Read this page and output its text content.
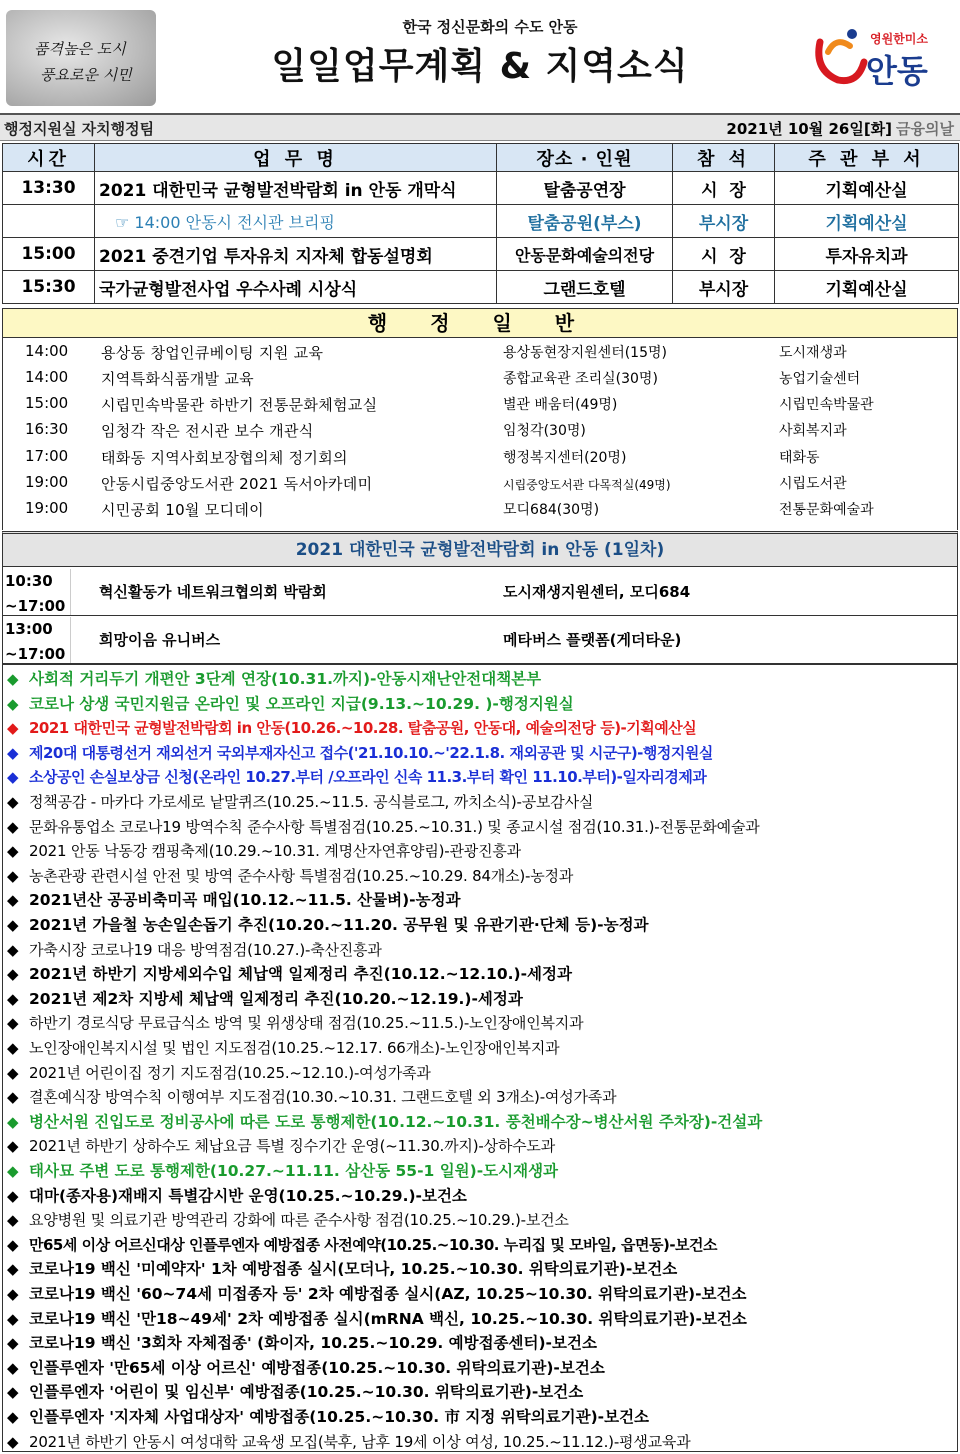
품격높은 도시
풍요로운 시민
한국 정신문화의 수도 안동
일일업무계획 & 지역소식
영원한미소
안동
행정지원실 자치행정팀	2021년 10월 26일[화] 금융의날
시간	업 무 명	장소 · 인원	참 석	주 관 부 서
13:30	2021 대한민국 균형발전박람회 in 안동 개막식	탈춤공연장	시  장	기획예산실
	☞ 14:00 안동시 전시관 브리핑	탈춤공원(부스)	부시장	기획예산실
15:00	2021 중견기업 투자유치 지자체 합동설명회	안동문화예술의전당	시  장	투자유치과
15:30	국가균형발전사업 우수사례 시상식	그랜드호텔	부시장	기획예산실
행 정 일 반
14:00 용상동 창업인큐베이팅 지원 교육	용상동현장지원센터(15명)	도시재생과
14:00 지역특화식품개발 교육	종합교육관 조리실(30명)	농업기술센터
15:00 시립민속박물관 하반기 전통문화체험교실	별관 배움터(49명)	시립민속박물관
16:30 임청각 작은 전시관 보수 개관식	임청각(30명)	사회복지과
17:00 태화동 지역사회보장협의체 정기회의	행정복지센터(20명)	태화동
19:00 안동시립중앙도서관 2021 독서아카데미	시립중앙도서관 다목적실(49명)	시립도서관
19:00 시민공회 10월 모디데이	모디684(30명)	전통문화예술과
2021 대한민국 균형발전박람회 in 안동 (1일차)
10:30
~17:00
혁신활동가 네트워크협의회 박람회	도시재생지원센터, 모디684
13:00
~17:00
희망이음 유니버스	메타버스 플랫폼(게더타운)
◆ 사회적 거리두기 개편안 3단계 연장(10.31.까지)-안동시재난안전대책본부
◆ 코로나 상생 국민지원금 온라인 및 오프라인 지급(9.13.~10.29. )-행정지원실
◆ 2021 대한민국 균형발전박람회 in 안동(10.26.~10.28. 탈춤공원, 안동대, 예술의전당 등)-기획예산실
◆ 제20대 대통령선거 재외선거 국외부재자신고 접수('21.10.10.~'22.1.8. 재외공관 및 시군구)-행정지원실
◆ 소상공인 손실보상금 신청(온라인 10.27.부터 /오프라인 신속 11.3.부터 확인 11.10.부터)-일자리경제과
◆ 정책공감 - 마카다 가로세로 낱말퀴즈(10.25.~11.5. 공식블로그, 까치소식)-공보감사실
◆ 문화유통업소 코로나19 방역수칙 준수사항 특별점검(10.25.~10.31.) 및 종교시설 점검(10.31.)-전통문화예술과
◆ 2021 안동 낙동강 캠핑축제(10.29.~10.31. 계명산자연휴양림)-관광진흥과
◆ 농촌관광 관련시설 안전 및 방역 준수사항 특별점검(10.25.~10.29. 84개소)-농정과
◆ 2021년산 공공비축미곡 매입(10.12.~11.5. 산물벼)-농정과
◆ 2021년 가을철 농손일손돕기 추진(10.20.~11.20. 공무원 및 유관기관·단체 등)-농정과
◆ 가축시장 코로나19 대응 방역점검(10.27.)-축산진흥과
◆ 2021년 하반기 지방세외수입 체납액 일제정리 추진(10.12.~12.10.)-세정과
◆ 2021년 제2차 지방세 체납액 일제정리 추진(10.20.~12.19.)-세정과
◆ 하반기 경로식당 무료급식소 방역 및 위생상태 점검(10.25.~11.5.)-노인장애인복지과
◆ 노인장애인복지시설 및 법인 지도점검(10.25.~12.17. 66개소)-노인장애인복지과
◆ 2021년 어린이집 정기 지도점검(10.25.~12.10.)-여성가족과
◆ 결혼예식장 방역수칙 이행여부 지도점검(10.30.~10.31. 그랜드호텔 외 3개소)-여성가족과
◆ 병산서원 진입도로 정비공사에 따른 도로 통행제한(10.12.~10.31. 풍천배수장~병산서원 주차장)-건설과
◆ 2021년 하반기 상하수도 체납요금 특별 징수기간 운영(~11.30.까지)-상하수도과
◆ 태사묘 주변 도로 통행제한(10.27.~11.11. 삼산동 55-1 일원)-도시재생과
◆ 대마(종자용)재배지 특별감시반 운영(10.25.~10.29.)-보건소
◆ 요양병원 및 의료기관 방역관리 강화에 따른 준수사항 점검(10.25.~10.29.)-보건소
◆ 만65세 이상 어르신대상 인플루엔자 예방접종 사전예약(10.25.~10.30. 누리집 및 모바일, 읍면동)-보건소
◆ 코로나19 백신 '미예약자' 1차 예방접종 실시(모더나, 10.25.~10.30. 위탁의료기관)-보건소
◆ 코로나19 백신 '60~74세 미접종자 등' 2차 예방접종 실시(AZ, 10.25~10.30. 위탁의료기관)-보건소
◆ 코로나19 백신 '만18~49세' 2차 예방접종 실시(mRNA 백신, 10.25.~10.30. 위탁의료기관)-보건소
◆ 코로나19 백신 '3회차 자체접종' (화이자, 10.25.~10.29. 예방접종센터)-보건소
◆ 인플루엔자 '만65세 이상 어르신' 예방접종(10.25.~10.30. 위탁의료기관)-보건소
◆ 인플루엔자 '어린이 및 임신부' 예방접종(10.25.~10.30. 위탁의료기관)-보건소
◆ 인플루엔자 '지자체 사업대상자' 예방접종(10.25.~10.30. 市 지정 위탁의료기관)-보건소
◆ 2021년 하반기 안동시 여성대학 교육생 모집(북후, 남후 19세 이상 여성, 10.25.~11.12.)-평생교육과
